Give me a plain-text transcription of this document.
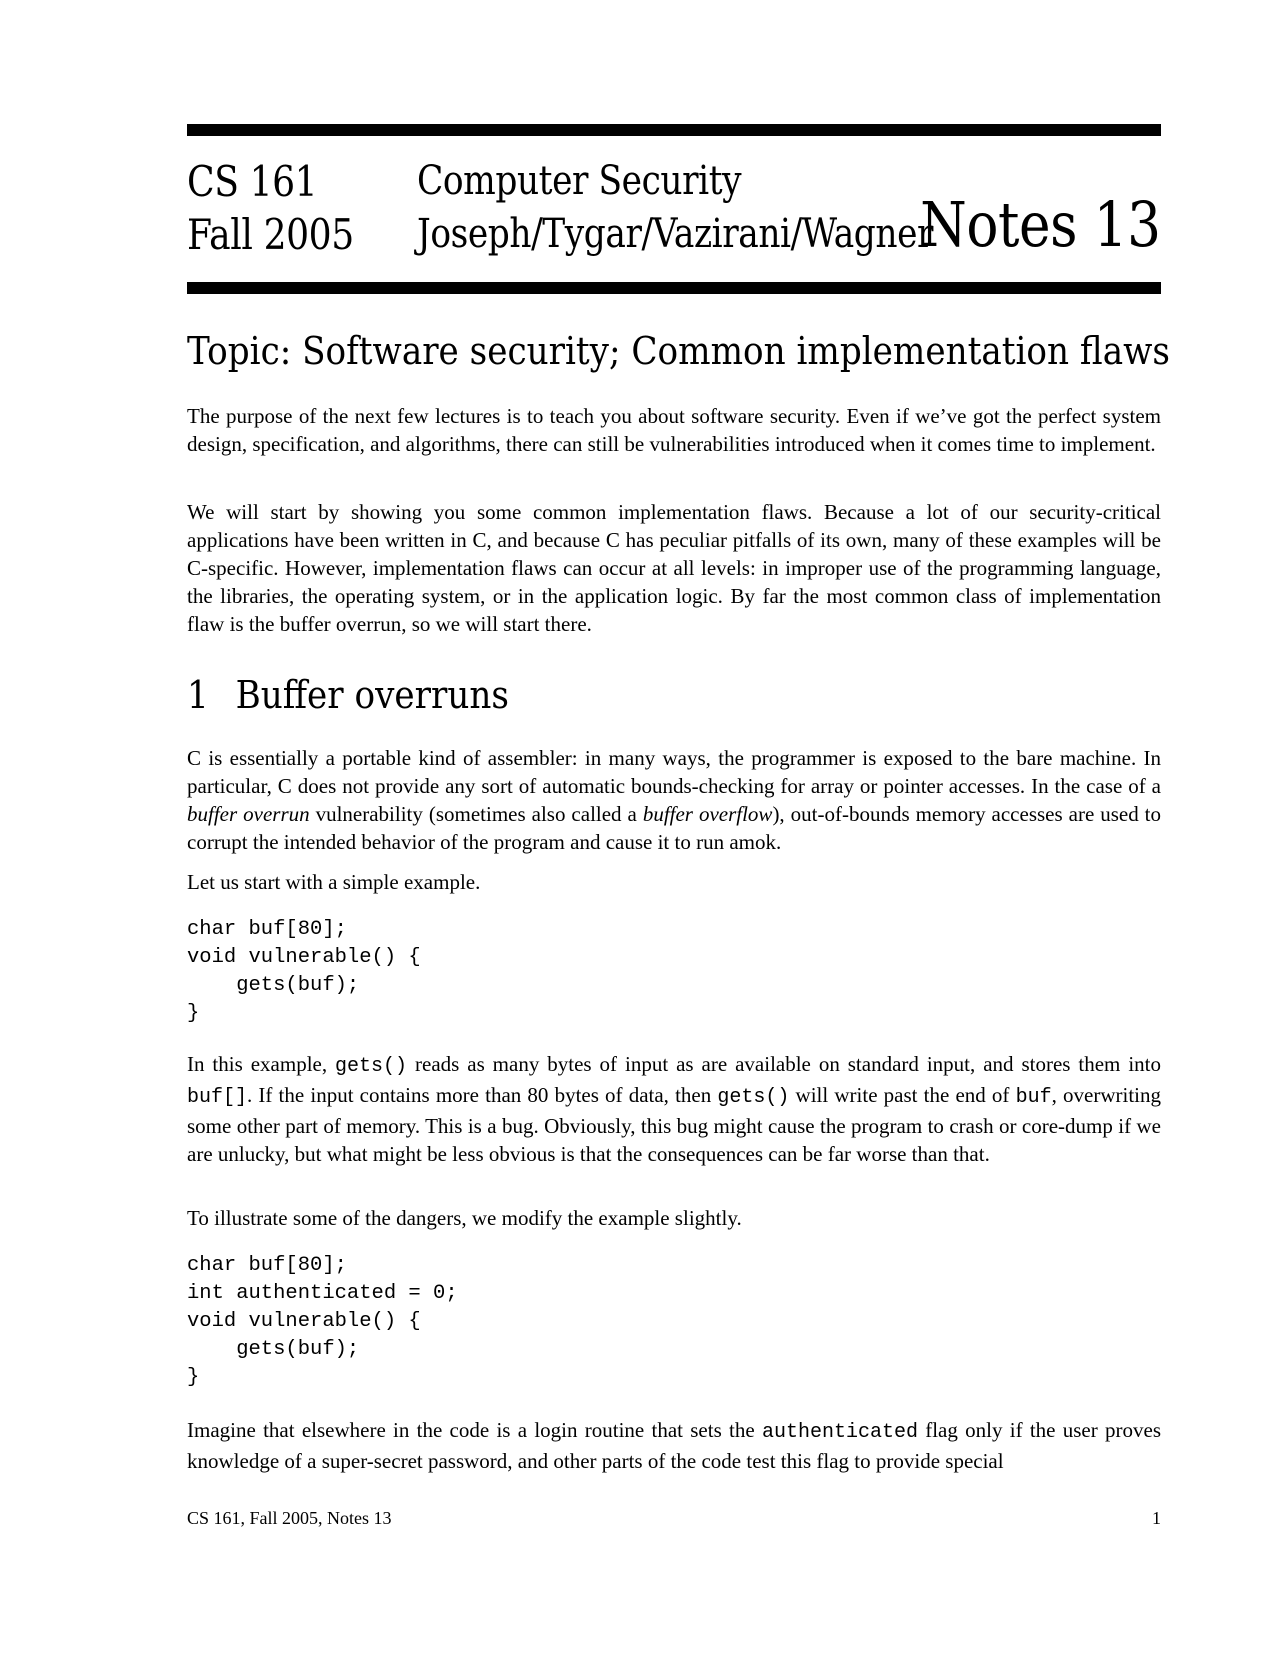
CS 161
Fall 2005
Computer Security
Joseph/Tygar/Vazirani/Wagner
Notes 13
Topic: Software security; Common implementation flaws

The purpose of the next few lectures is to teach you about software security. Even if we’ve got the perfect system design, specification, and algorithms, there can still be vulnerabilities introduced when it comes time to implement.

We will start by showing you some common implementation flaws. Because a lot of our security-critical applications have been written in C, and because C has peculiar pitfalls of its own, many of these examples will be C-specific. However, implementation flaws can occur at all levels: in improper use of the programming language, the libraries, the operating system, or in the application logic. By far the most common class of implementation flaw is the buffer overrun, so we will start there.

1 Buffer overruns

C is essentially a portable kind of assembler: in many ways, the programmer is exposed to the bare machine. In particular, C does not provide any sort of automatic bounds-checking for array or pointer accesses. In the case of a buffer overrun vulnerability (sometimes also called a buffer overflow), out-of-bounds memory accesses are used to corrupt the intended behavior of the program and cause it to run amok.

Let us start with a simple example.

char buf[80];
void vulnerable() {
gets(buf);
}

In this example, gets() reads as many bytes of input as are available on standard input, and stores them into buf[]. If the input contains more than 80 bytes of data, then gets() will write past the end of buf, overwriting some other part of memory. This is a bug. Obviously, this bug might cause the program to crash or core-dump if we are unlucky, but what might be less obvious is that the consequences can be far worse than that.

To illustrate some of the dangers, we modify the example slightly.

char buf[80];
int authenticated = 0;
void vulnerable() {
gets(buf);
}

Imagine that elsewhere in the code is a login routine that sets the authenticated flag only if the user proves knowledge of a super-secret password, and other parts of the code test this flag to provide special

CS 161, Fall 2005, Notes 13	1
